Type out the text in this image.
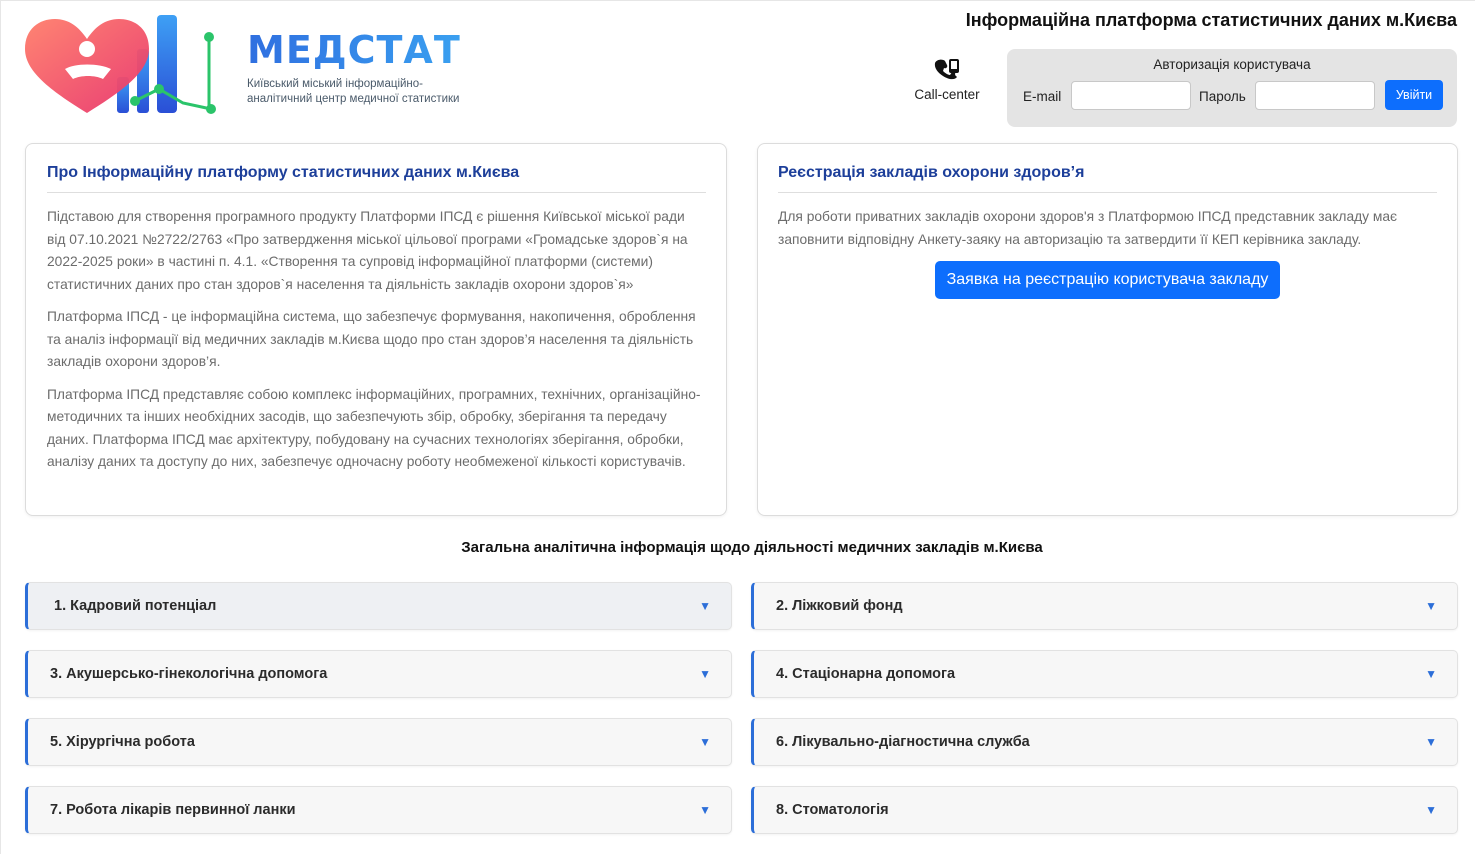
МЕДСТАТ
Київський міський інформаційно-
аналітичний центр медичної статистики
Інформаційна платформа статистичних даних м.Києва
Call-center
Авторизація користувача
E-mail	Пароль	Увійти
Про Інформаційну платформу статистичних даних м.Києва

Підставою для створення програмного продукту Платформи ІПСД є рішення Київської міської ради від 07.10.2021 №2722/2763 «Про затвердження міської цільової програми «Громадське здоров`я на 2022-2025 роки» в частині п. 4.1. «Створення та супровід інформаційної платформи (системи) статистичних даних про стан здоров`я населення та діяльність закладів охорони здоров`я»

Платформа ІПСД - це інформаційна система, що забезпечує формування, накопичення, оброблення та аналіз інформації від медичних закладів м.Києва щодо про стан здоров’я населення та діяльність закладів охорони здоров’я.

Платформа ІПСД представляє собою комплекс інформаційних, програмних, технічних, організаційно-методичних та інших необхідних засодів, що забезпечують збір, обробку, зберігання та передачу даних. Платформа ІПСД має архітектуру, побудовану на сучасних технологіях зберігання, обробки, аналізу даних та доступу до них, забезпечує одночасну роботу необмеженої кількості користувачів.

Реєстрація закладів охорони здоров’я

Для роботи приватних закладів охорони здоров'я з Платформою ІПСД представник закладу має заповнити відповідну Анкету-заяку на авторизацію та затвердити її КЕП керівника закладу.

Заявка на реєстрацію користувача закладу
Загальна аналітична інформація щодо діяльності медичних закладів м.Києва
1. Кадровий потенціал	▼	2. Ліжковий фонд	▼
3. Акушерсько-гінекологічна допомога	▼	4. Стаціонарна допомога	▼
5. Хірургічна робота	▼	6. Лікувально-діагностична служба	▼
7. Робота лікарів первинної ланки	▼	8. Стоматологія	▼
